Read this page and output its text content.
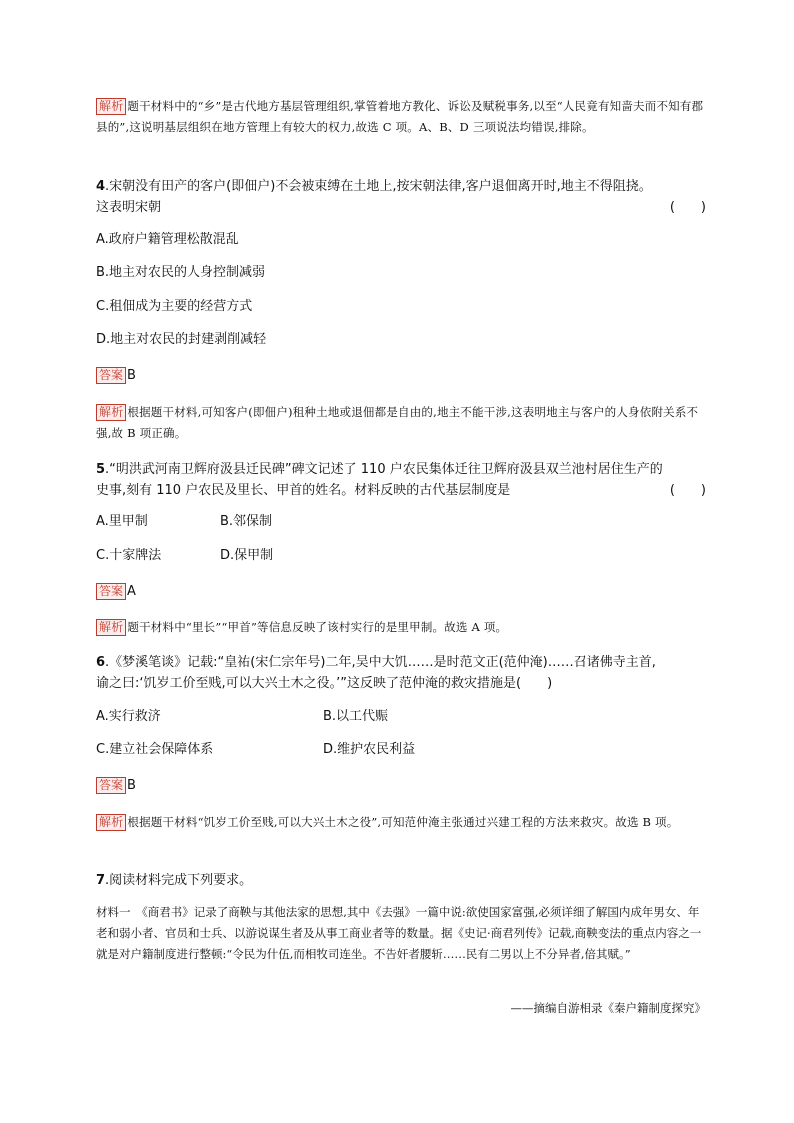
解析 题干材料中的“乡”是古代地方基层管理组织,掌管着地方教化、诉讼及赋税事务,以至“人民竟有知啬夫而不知有郡县的”,这说明基层组织在地方管理上有较大的权力,故选 C 项。A、B、D 三项说法均错误,排除。
4.宋朝没有田产的客户(即佃户)不会被束缚在土地上,按宋朝法律,客户退佃离开时,地主不得阻挠。
这表明宋朝	(　　)
A.政府户籍管理松散混乱
B.地主对农民的人身控制减弱
C.租佃成为主要的经营方式
D.地主对农民的封建剥削减轻
答案 B
解析 根据题干材料,可知客户(即佃户)租种土地或退佃都是自由的,地主不能干涉,这表明地主与客户的人身依附关系不强,故 B 项正确。
5.“明洪武河南卫辉府汲县迁民碑”碑文记述了 110 户农民集体迁往卫辉府汲县双兰池村居住生产的
史事,刻有 110 户农民及里长、甲首的姓名。材料反映的古代基层制度是	(　　)
A.里甲制	B.邻保制
C.十家牌法	D.保甲制
答案 A
解析 题干材料中“里长”“甲首”等信息反映了该村实行的是里甲制。故选 A 项。
6.《梦溪笔谈》记载:“皇祐(宋仁宗年号)二年,吴中大饥……是时范文正(范仲淹)……召诸佛寺主首,
谕之曰:‘饥岁工价至贱,可以大兴土木之役。’”这反映了范仲淹的救灾措施是(　　)
A.实行救济	B.以工代赈
C.建立社会保障体系	D.维护农民利益
答案 B
解析 根据题干材料“饥岁工价至贱,可以大兴土木之役”,可知范仲淹主张通过兴建工程的方法来救灾。故选 B 项。
7.阅读材料完成下列要求。
材料一　《商君书》记录了商鞅与其他法家的思想,其中《去强》一篇中说:欲使国家富强,必须详细了解国内成年男女、年老和弱小者、官员和士兵、以游说谋生者及从事工商业者等的数量。据《史记·商君列传》记载,商鞅变法的重点内容之一就是对户籍制度进行整顿:“令民为什伍,而相牧司连坐。不告奸者腰斩……民有二男以上不分异者,倍其赋。”
——摘编自游相录《秦户籍制度探究》
